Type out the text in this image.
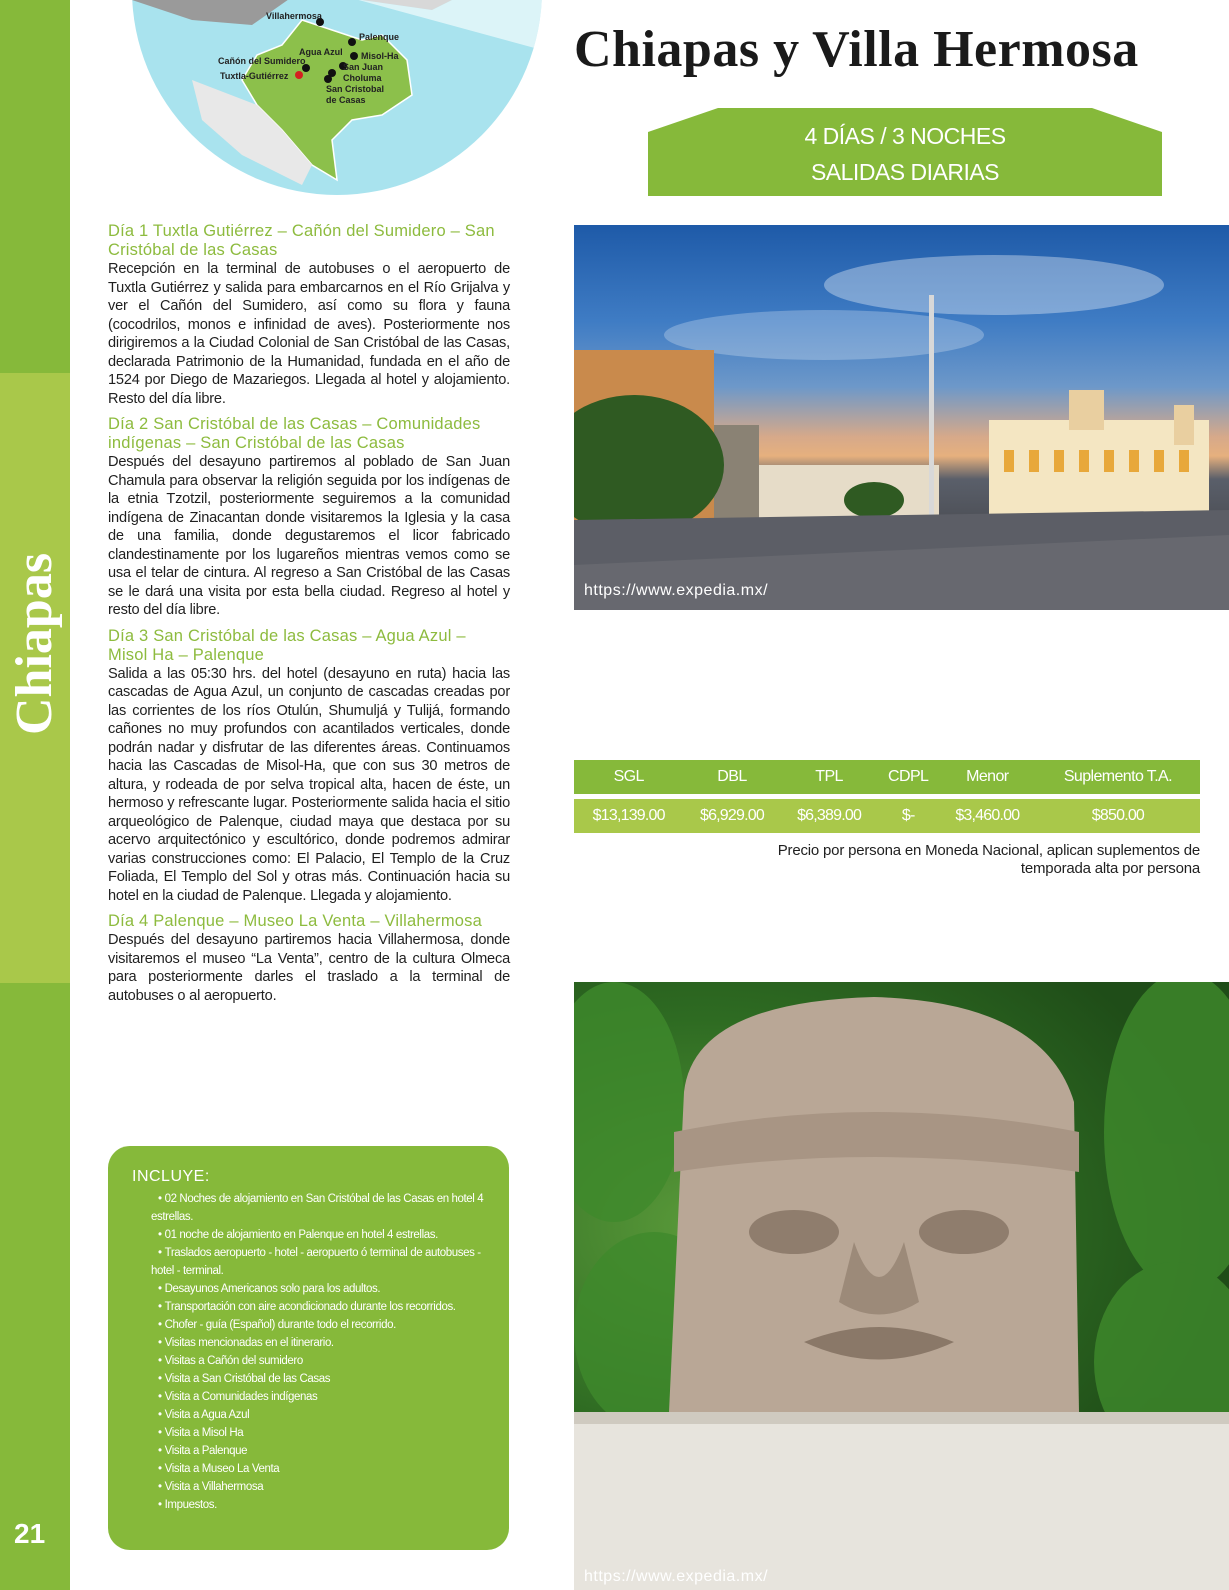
Chiapas
21
Villahermosa
Palenque
Agua Azul Misol-Ha
Cañón del Sumidero
San Juan
Choluma
Tuxtla-Gutiérrez
San Cristobal
de Casas
Chiapas y Villa Hermosa
4 DÍAS / 3 NOCHES
SALIDAS DIARIAS
Día 1 Tuxtla Gutiérrez – Cañón del Sumidero – San Cristóbal de las Casas
Recepción en la terminal de autobuses o el aeropuerto de Tuxtla Gutiérrez y salida para embarcarnos en el Río Grijalva y ver el Cañón del Sumidero, así como su flora y fauna (cocodrilos, monos e infinidad de aves). Posteriormente nos dirigiremos a la Ciudad Colonial de San Cristóbal de las Casas, declarada Patrimonio de la Humanidad, fundada en el año de 1524 por Diego de Mazariegos. Llegada al hotel y alojamiento. Resto del día libre.
Día 2 San Cristóbal de las Casas – Comunidades indígenas – San Cristóbal de las Casas
Después del desayuno partiremos al poblado de San Juan Chamula para observar la religión seguida por los indígenas de la etnia Tzotzil, posteriormente seguiremos a la comunidad indígena de Zinacantan donde visitaremos la Iglesia y la casa de una familia, donde degustaremos el licor fabricado clandestinamente por los lugareños mientras vemos como se usa el telar de cintura. Al regreso a San Cristóbal de las Casas se le dará una visita por esta bella ciudad. Regreso al hotel y resto del día libre.
Día 3 San Cristóbal de las Casas – Agua Azul – Misol Ha – Palenque
Salida a las 05:30 hrs. del hotel (desayuno en ruta) hacia las cascadas de Agua Azul, un conjunto de cascadas creadas por las corrientes de los ríos Otulún, Shumuljá y Tulijá, formando cañones no muy profundos con acantilados verticales, donde podrán nadar y disfrutar de las diferentes áreas. Continuamos hacia las Cascadas de Misol-Ha, que con sus 30 metros de altura, y rodeada de por selva tropical alta, hacen de éste, un hermoso y refrescante lugar. Posteriormente salida hacia el sitio arqueológico de Palenque, ciudad maya que destaca por su acervo arquitectónico y escultórico, donde podremos admirar varias construcciones como: El Palacio, El Templo de la Cruz Foliada, El Templo del Sol y otras más. Continuación hacia su hotel en la ciudad de Palenque. Llegada y alojamiento.
Día 4 Palenque – Museo La Venta – Villahermosa
Después del desayuno partiremos hacia Villahermosa, donde visitaremos el museo “La Venta”, centro de la cultura Olmeca para posteriormente darles el traslado a la terminal de autobuses o al aeropuerto.
https://www.expedia.mx/
SGL	DBL	TPL	CDPL	Menor	Suplemento T.A.
$13,139.00	$6,929.00	$6,389.00	$-	$3,460.00	$850.00
Precio por persona en Moneda Nacional, aplican suplementos de temporada alta por persona
https://www.expedia.mx/
INCLUYE:
• 02 Noches de alojamiento en San Cristóbal de las Casas en hotel 4 estrellas.
• 01 noche de alojamiento en Palenque en hotel 4 estrellas.
• Traslados aeropuerto - hotel - aeropuerto ó terminal de autobuses - hotel - terminal.
• Desayunos Americanos solo para los adultos.
• Transportación con aire acondicionado durante los recorridos.
• Chofer - guía (Español) durante todo el recorrido.
• Visitas mencionadas en el itinerario.
• Visitas a Cañón del sumidero
• Visita a San Cristóbal de las Casas
• Visita a Comunidades indígenas
• Visita a Agua Azul
• Visita a Misol Ha
• Visita a Palenque
• Visita a Museo La Venta
• Visita a Villahermosa
• Impuestos.
